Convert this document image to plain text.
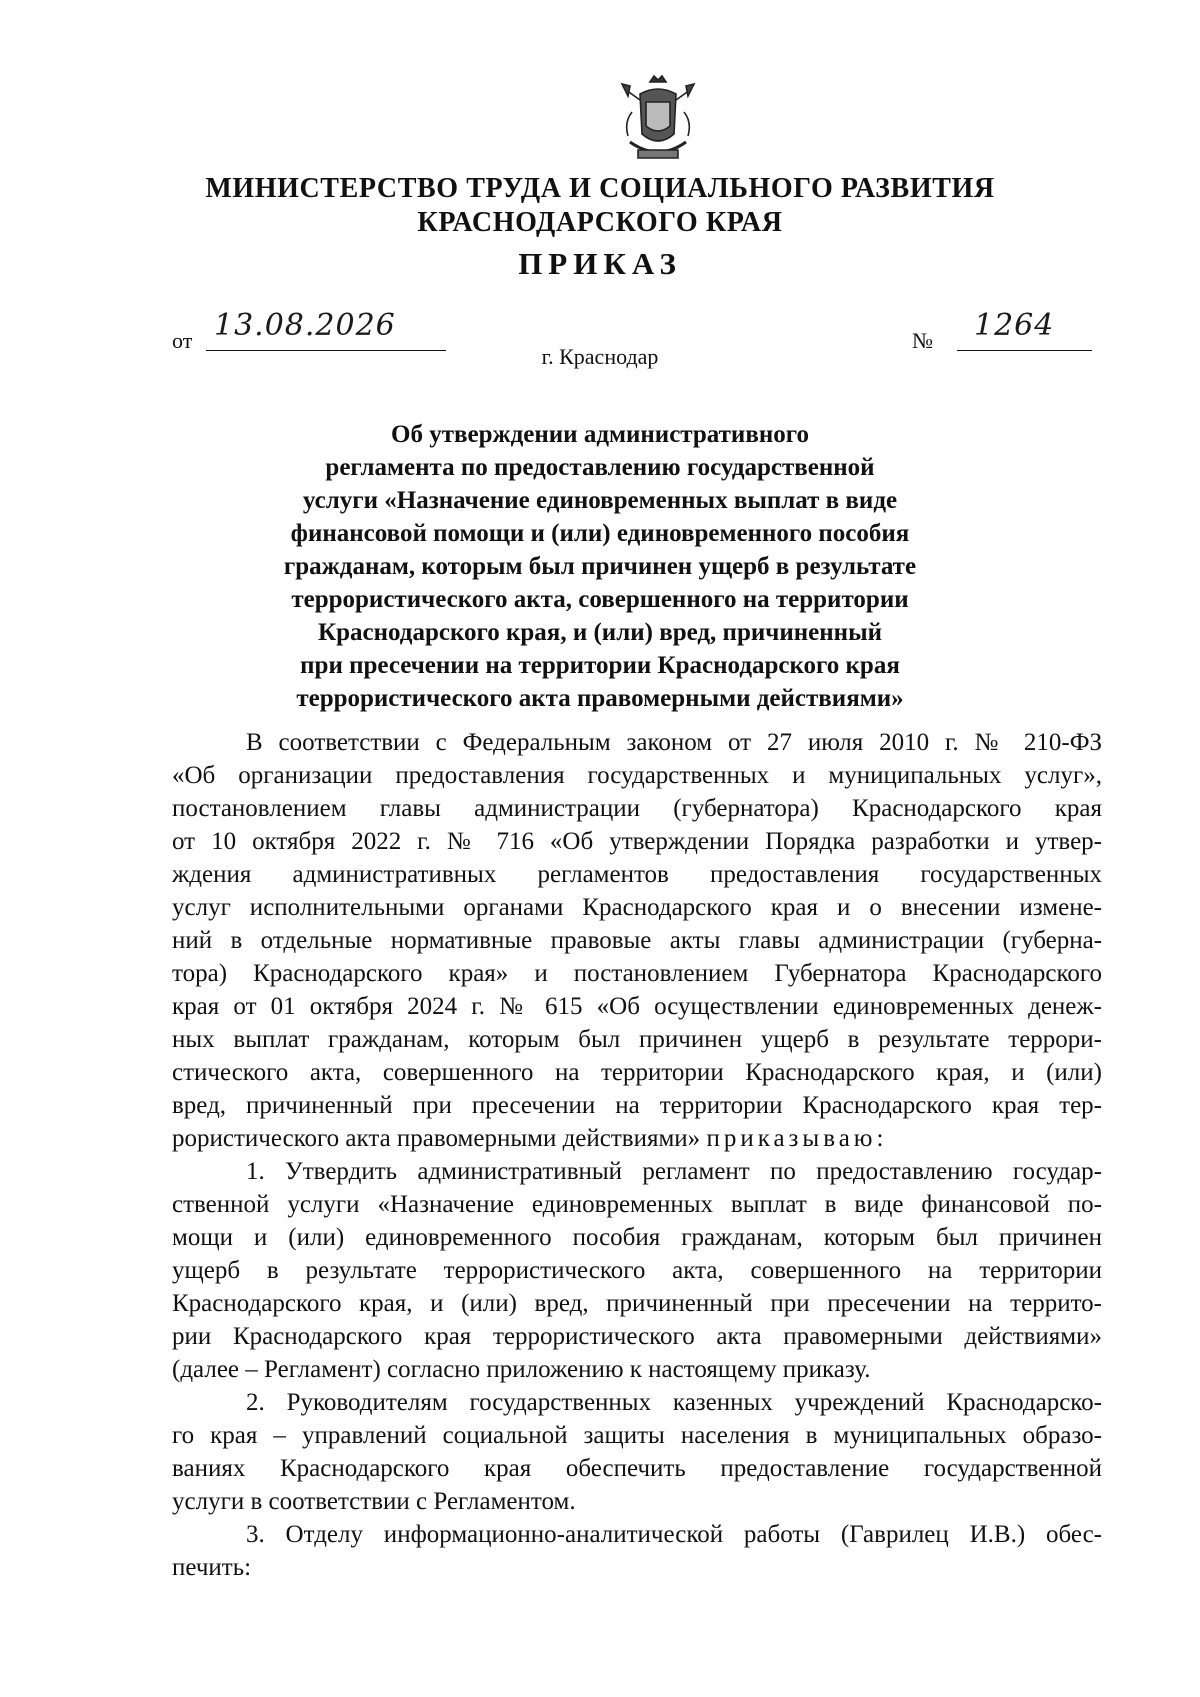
МИНИСТЕРСТВО ТРУДА И СОЦИАЛЬНОГО РАЗВИТИЯ
КРАСНОДАРСКОГО КРАЯ
ПРИКАЗ
от 13.08.2026	№ 1264
г. Краснодар
Об утверждении административного
регламента по предоставлению государственной
услуги «Назначение единовременных выплат в виде
финансовой помощи и (или) единовременного пособия
гражданам, которым был причинен ущерб в результате
террористического акта, совершенного на территории
Краснодарского края, и (или) вред, причиненный
при пресечении на территории Краснодарского края
террористического акта правомерными действиями»
В соответствии с Федеральным законом от 27 июля 2010 г. № 210-ФЗ
«Об организации предоставления государственных и муниципальных услуг»,
постановлением главы администрации (губернатора) Краснодарского края
от 10 октября 2022 г. № 716 «Об утверждении Порядка разработки и утвер-
ждения административных регламентов предоставления государственных
услуг исполнительными органами Краснодарского края и о внесении измене-
ний в отдельные нормативные правовые акты главы администрации (губерна-
тора) Краснодарского края» и постановлением Губернатора Краснодарского
края от 01 октября 2024 г. № 615 «Об осуществлении единовременных денеж-
ных выплат гражданам, которым был причинен ущерб в результате террори-
стического акта, совершенного на территории Краснодарского края, и (или)
вред, причиненный при пресечении на территории Краснодарского края тер-
рористического акта правомерными действиями» приказываю:
1. Утвердить административный регламент по предоставлению государ-
ственной услуги «Назначение единовременных выплат в виде финансовой по-
мощи и (или) единовременного пособия гражданам, которым был причинен
ущерб в результате террористического акта, совершенного на территории
Краснодарского края, и (или) вред, причиненный при пресечении на террито-
рии Краснодарского края террористического акта правомерными действиями»
(далее – Регламент) согласно приложению к настоящему приказу.
2. Руководителям государственных казенных учреждений Краснодарско-
го края – управлений социальной защиты населения в муниципальных образо-
ваниях Краснодарского края обеспечить предоставление государственной
услуги в соответствии с Регламентом.
3. Отделу информационно-аналитической работы (Гаврилец И.В.) обес-
печить:
